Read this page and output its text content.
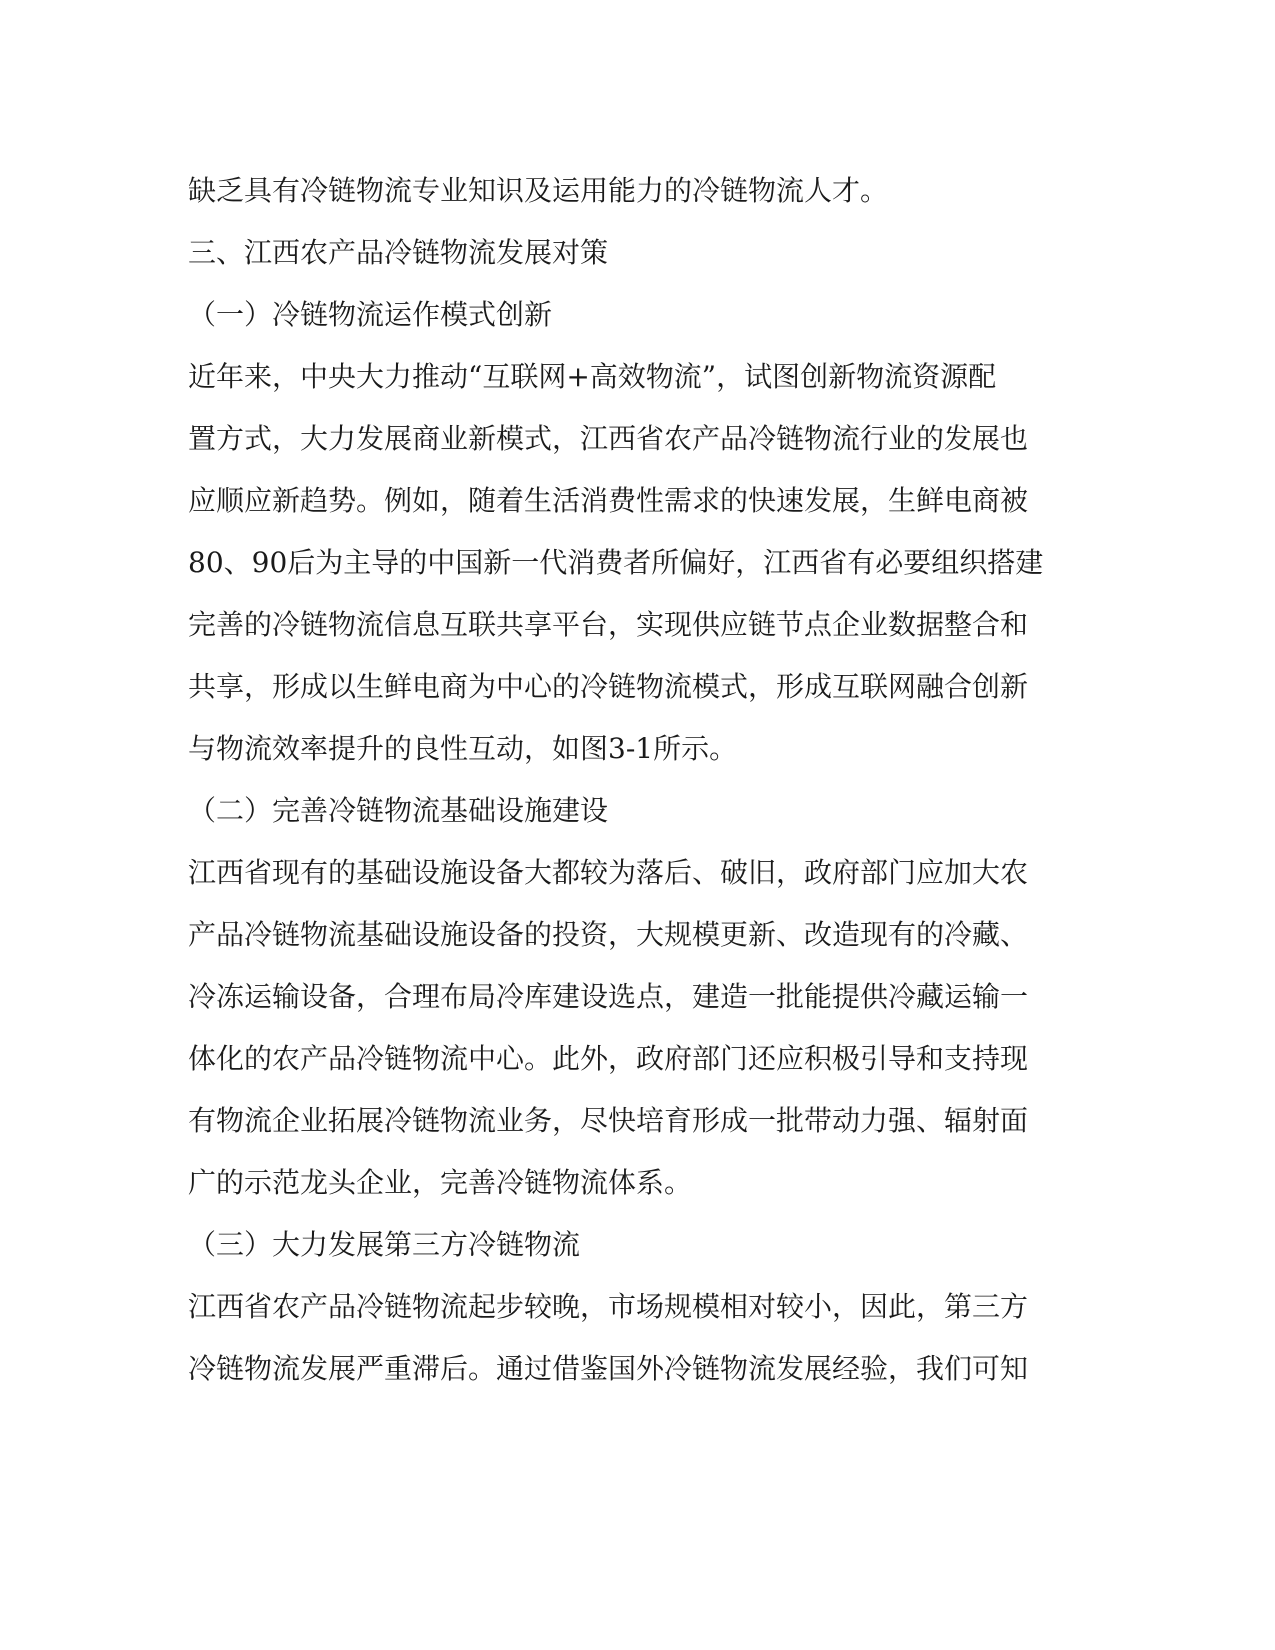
缺乏具有冷链物流专业知识及运用能力的冷链物流人才。

三、江西农产品冷链物流发展对策

（一）冷链物流运作模式创新

近年来，中央大力推动“互联网+高效物流”，试图创新物流资源配

置方式，大力发展商业新模式，江西省农产品冷链物流行业的发展也

应顺应新趋势。例如，随着生活消费性需求的快速发展，生鲜电商被

80、90后为主导的中国新一代消费者所偏好，江西省有必要组织搭建

完善的冷链物流信息互联共享平台，实现供应链节点企业数据整合和

共享，形成以生鲜电商为中心的冷链物流模式，形成互联网融合创新

与物流效率提升的良性互动，如图3-1所示。

（二）完善冷链物流基础设施建设

江西省现有的基础设施设备大都较为落后、破旧，政府部门应加大农

产品冷链物流基础设施设备的投资，大规模更新、改造现有的冷藏、

冷冻运输设备，合理布局冷库建设选点，建造一批能提供冷藏运输一

体化的农产品冷链物流中心。此外，政府部门还应积极引导和支持现

有物流企业拓展冷链物流业务，尽快培育形成一批带动力强、辐射面

广的示范龙头企业，完善冷链物流体系。

（三）大力发展第三方冷链物流

江西省农产品冷链物流起步较晚，市场规模相对较小，因此，第三方

冷链物流发展严重滞后。通过借鉴国外冷链物流发展经验，我们可知
